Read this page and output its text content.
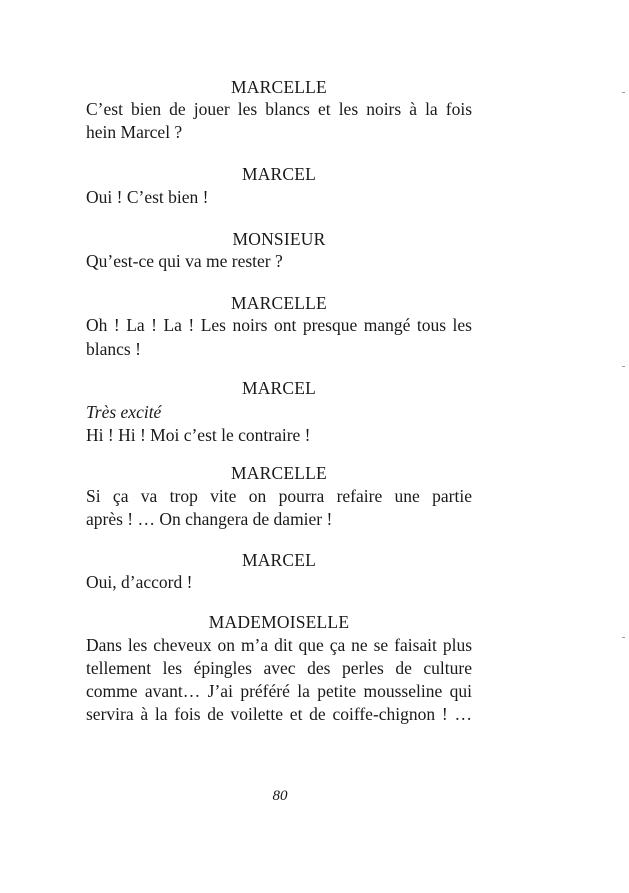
MARCELLE
C’est bien de jouer les blancs et les noirs à la fois
hein Marcel ?
MARCEL
Oui ! C’est bien !
MONSIEUR
Qu’est-ce qui va me rester ?
MARCELLE
Oh ! La ! La ! Les noirs ont presque mangé tous les
blancs !
MARCEL
Très excité
Hi ! Hi ! Moi c’est le contraire !
MARCELLE
Si ça va trop vite on pourra refaire une partie
après ! … On changera de damier !
MARCEL
Oui, d’accord !
MADEMOISELLE
Dans les cheveux on m’a dit que ça ne se faisait plus
tellement les épingles avec des perles de culture
comme avant… J’ai préféré la petite mousseline qui
servira à la fois de voilette et de coiffe-chignon ! …
80
